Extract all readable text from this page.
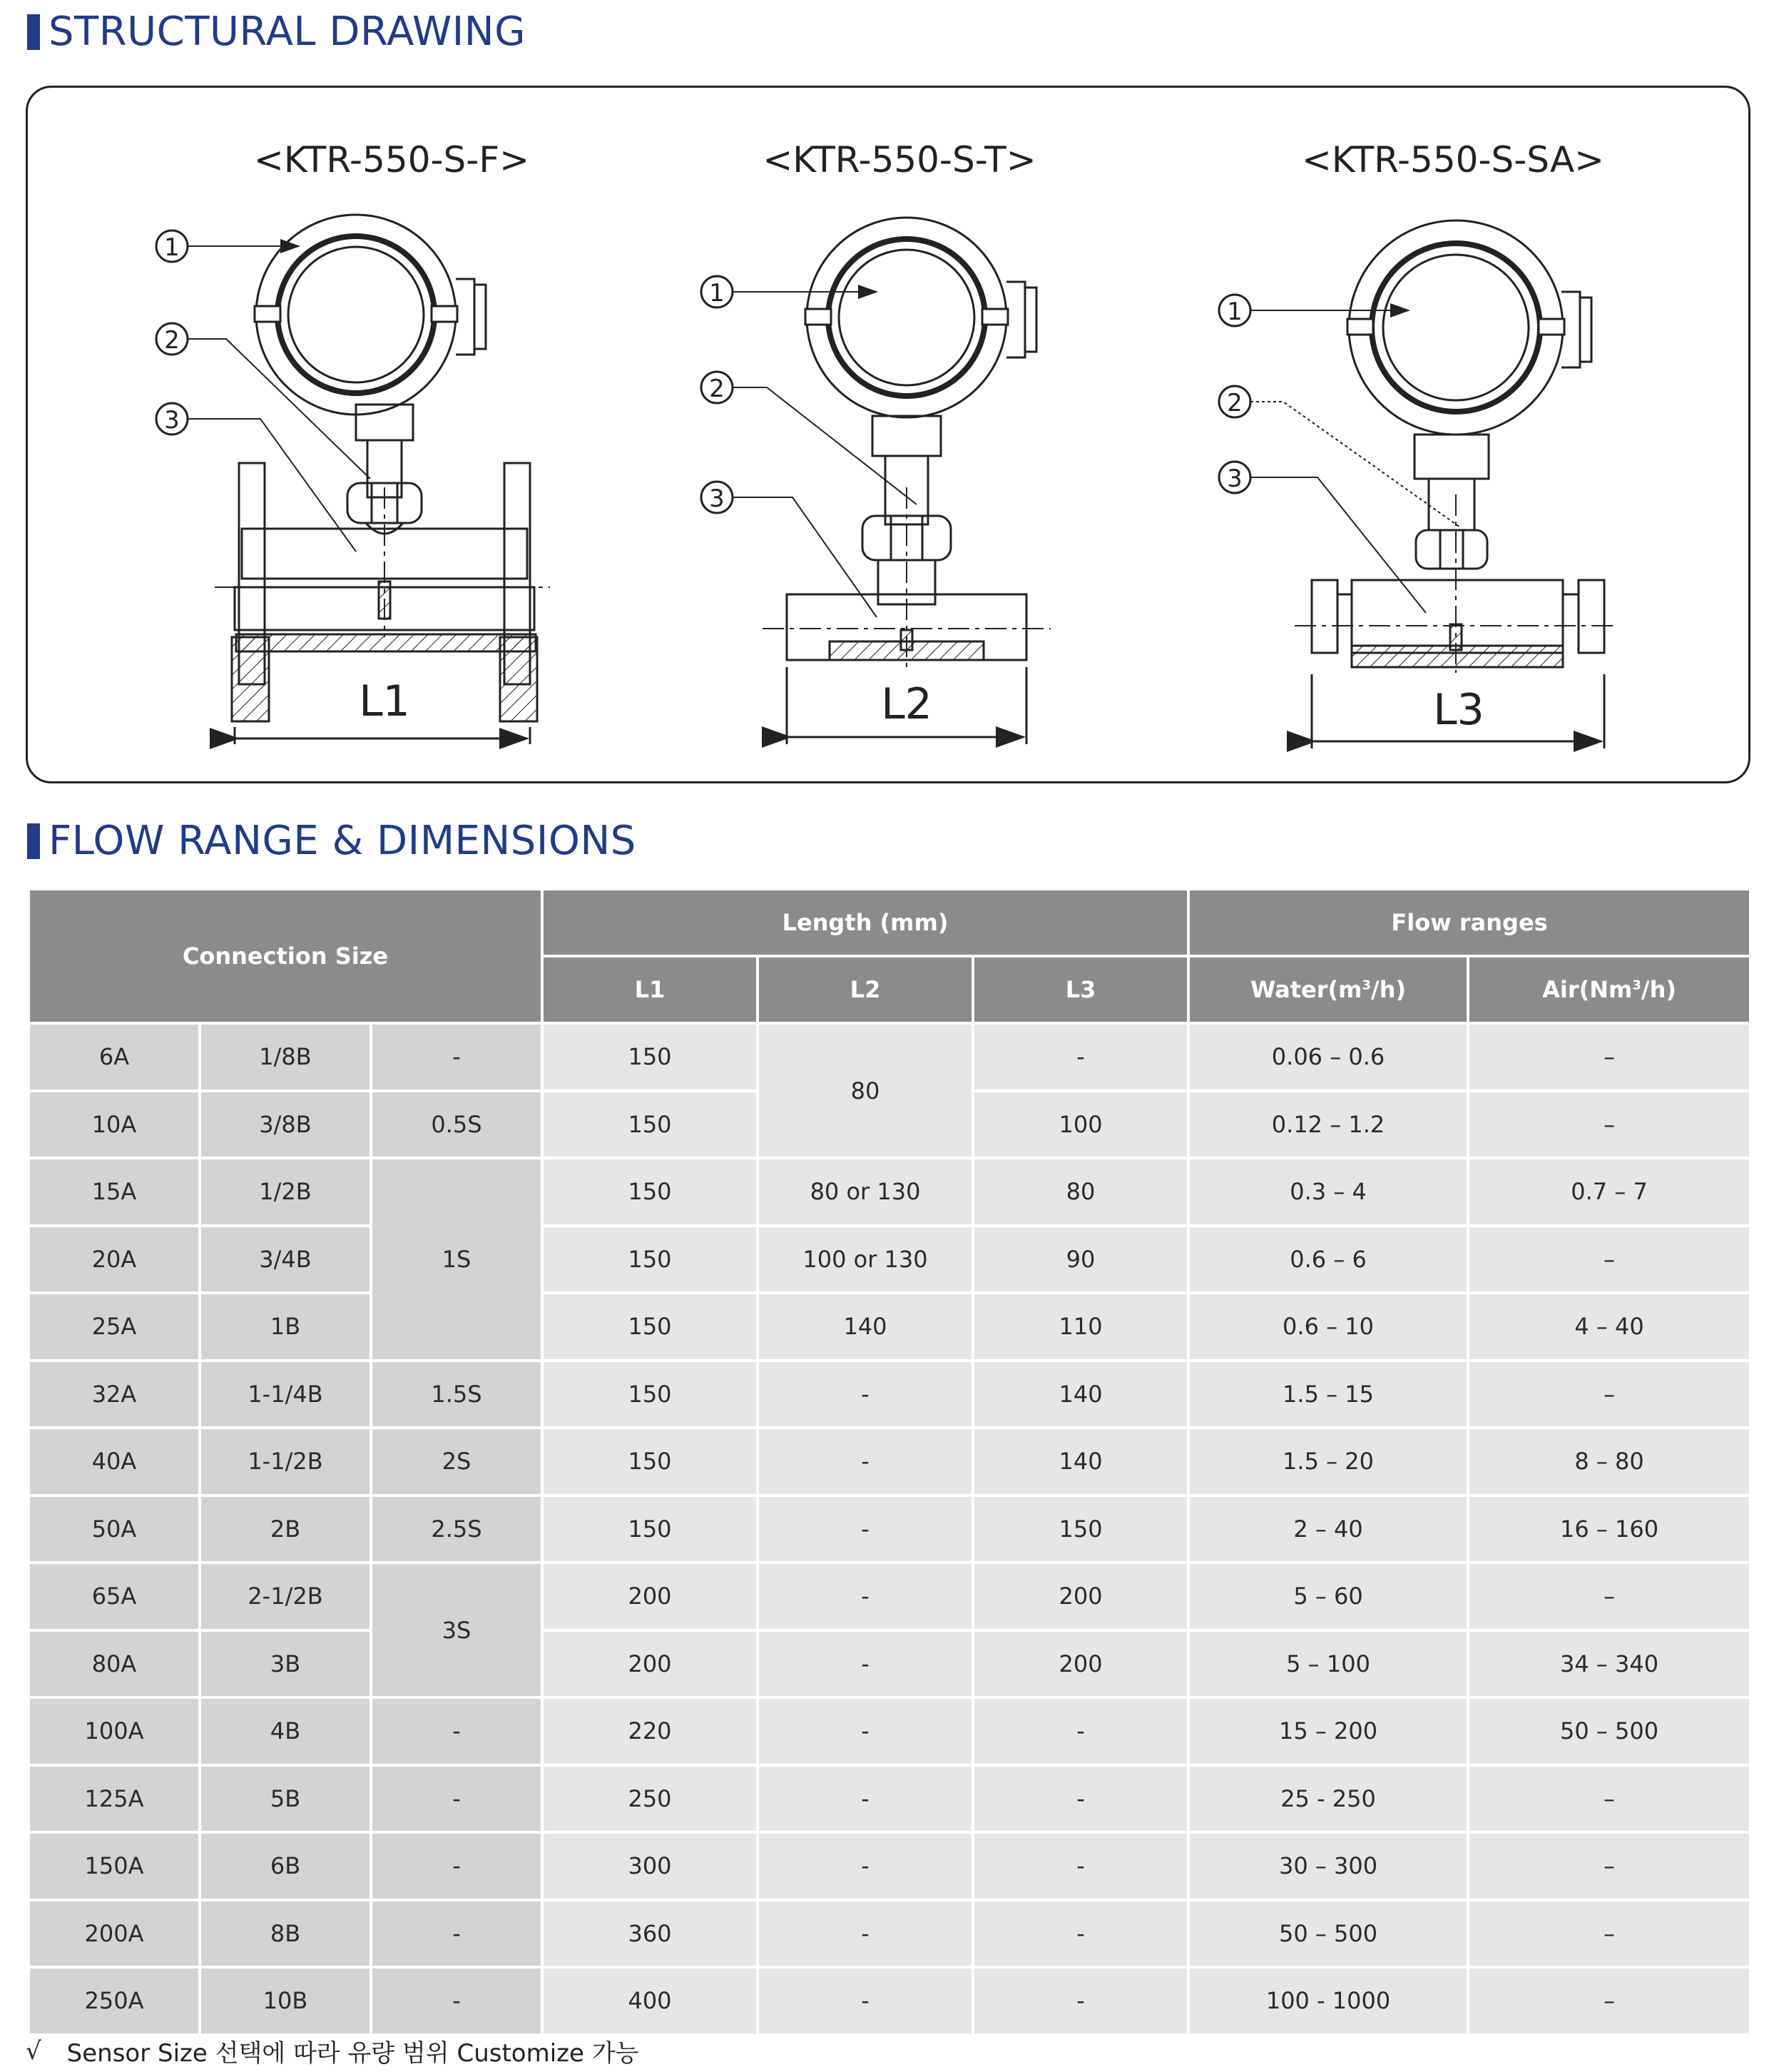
STRUCTURAL DRAWING
<KTR-550-S-F>
L1
1
2
3
<KTR-550-S-T>
L2
1
2
3
<KTR-550-S-SA>
L3
1
2
3
FLOW RANGE & DIMENSIONS
Connection Size			Length (mm)			Flow ranges	
			L1	L2	L3	$Water(m^3/h)$	Air(Nm$^3$/h)
6A	1/8B	-	150	80	-	0.06 – 0.6	–
10A	3/8B	0.5S	150		100	0.12 – 1.2	–
15A	1/2B	1S	150	80 or 130	80	0.3 – 4	0.7 – 7
20A	3/4B		150	100 or 130	90	0.6 – 6	–
25A	1B		150	140	110	0.6 – 10	4 – 40
32A	1-1/4B	1.5S	150	-	140	1.5 – 15	–
40A	1-1/2B	2S	150	-	140	1.5 – 20	8 – 80
50A	2B	2.5S	150	-	150	2 – 40	16 – 160
65A	2-1/2B	3S	200	-	200	5 – 60	–
80A	3B		200	-	200	5 – 100	34 – 340
100A	4B	-	220	-	-	15 – 200	50 – 500
125A	5B	-	250	-	-	25 - 250	–
150A	6B	-	300	-	-	30 – 300	–
200A	8B	-	360	-	-	50 – 500	–
250A	10B	-	400	-	-	100 - 1000	–
√ Sensor Size 선택에 따라 유량 범위 Customize 가능
